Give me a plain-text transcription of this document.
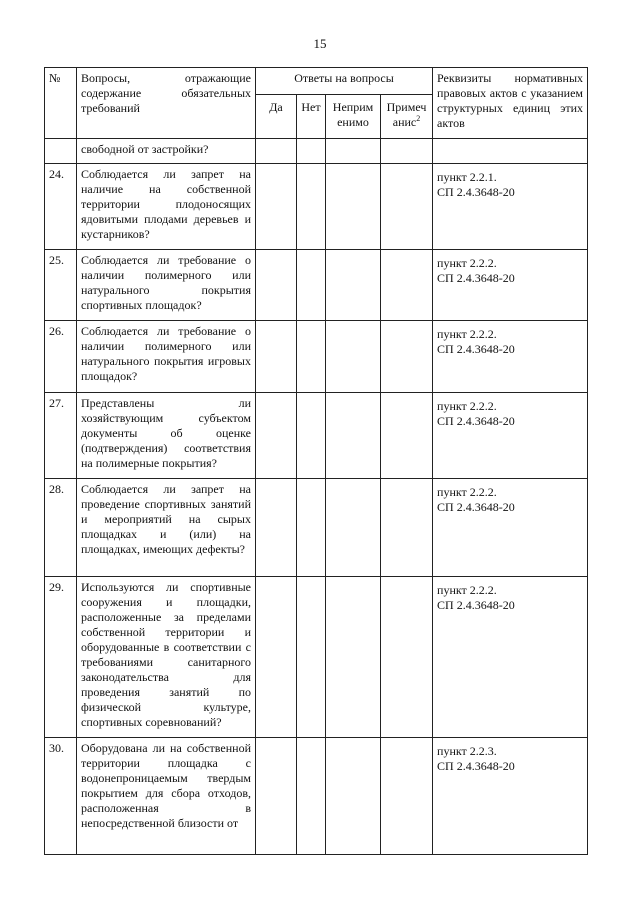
15
№	Вопросы, отражающие содержание обязательных требований	Ответы на вопросы				Реквизиты нормативных правовых актов с указанием структурных единиц этих актов
		Да	Нет	Неприм енимо	Примеч анис$^2$
	свободной от застройки?					

24.	Соблюдается ли запрет на наличие на собственной территории плодоносящих ядовитыми плодами деревьев и кустарников?					пункт 2.2.1.
СП 2.4.3648-20

25.	Соблюдается ли требование о наличии полимерного или натурального покрытия спортивных площадок?					пункт 2.2.2.
СП 2.4.3648-20

26.	Соблюдается ли требование о наличии полимерного или натурального покрытия игровых площадок?					пункт 2.2.2.
СП 2.4.3648-20

27.	Представлены ли хозяйствующим субъектом документы об оценке (подтверждения) соответствия на полимерные покрытия?					пункт 2.2.2.
СП 2.4.3648-20

28.	Соблюдается ли запрет на проведение спортивных занятий и мероприятий на сырых площадках и (или) на площадках, имеющих дефекты?					пункт 2.2.2.
СП 2.4.3648-20

29.	Используются ли спортивные сооружения и площадки, расположенные за пределами собственной территории и оборудованные в соответствии с требованиями санитарного законодательства для проведения занятий по физической культуре, спортивных соревнований?					пункт 2.2.2.
СП 2.4.3648-20

30.	Оборудована ли на собственной территории площадка с водонепроницаемым твердым покрытием для сбора отходов, расположенная в непосредственной близости от					пункт 2.2.3.
СП 2.4.3648-20
